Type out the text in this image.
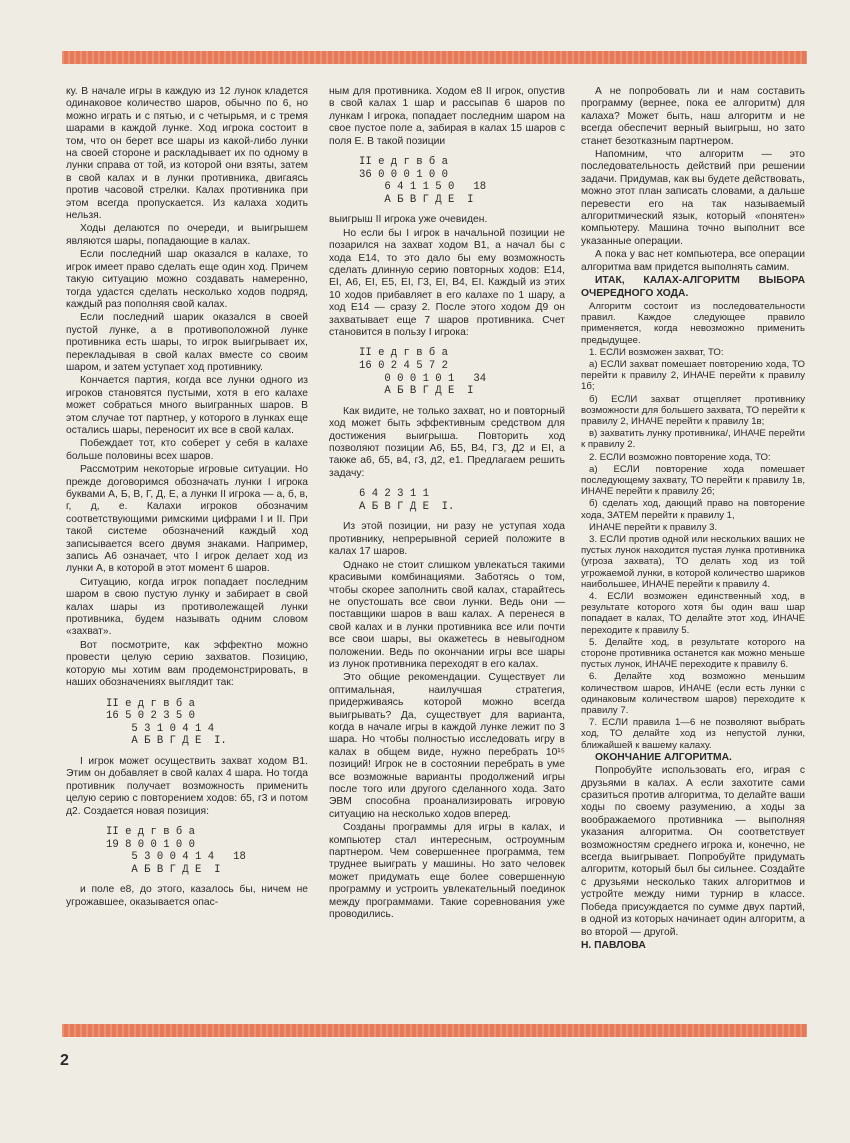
ку. В начале игры в каждую из 12 лунок кладется одинаковое количество шаров, обычно по 6, но можно играть и с пятью, и с четырьмя, и с тремя шарами в каждой лунке. Ход игрока состоит в том, что он берет все шары из какой-либо лунки на своей стороне и раскладывает их по одному в лунки справа от той, из которой они взяты, затем в свой калах и в лунки противника, двигаясь против часовой стрелки. Калах противника при этом всегда пропускается. Из калаха ходить нельзя.

Ходы делаются по очереди, и выигрышем являются шары, попадающие в калах.

Если последний шар оказался в калахе, то игрок имеет право сделать еще один ход. Причем такую ситуацию можно создавать намеренно, тогда удастся сделать несколько ходов подряд, каждый раз пополняя свой калах.

Если последний шарик оказался в своей пустой лунке, а в противоположной лунке противника есть шары, то игрок выигрывает их, перекладывая в свой калах вместе со своим шаром, и затем уступает ход противнику.

Кончается партия, когда все лунки одного из игроков становятся пустыми, хотя в его калахе может собраться много выигранных шаров. В этом случае тот партнер, у которого в лунках еще остались шары, переносит их все в свой калах.

Побеждает тот, кто соберет у себя в калахе больше половины всех шаров.

Рассмотрим некоторые игровые ситуации. Но прежде договоримся обозначать лунки I игрока буквами А, Б, В, Г, Д, Е, а лунки II игрока — а, б, в, г, д, е. Калахи игроков обозначим соответствующими римскими цифрами I и II. При такой системе обозначений каждый ход записывается всего двумя знаками. Например, запись А6 означает, что I игрок делает ход из лунки А, в которой в этот момент 6 шаров.

Ситуацию, когда игрок попадает последним шаром в свою пустую лунку и забирает в свой калах шары из противолежащей лунки противника, будем называть одним словом «захват».

Вот посмотрите, как эффектно можно провести целую серию захватов. Позицию, которую мы хотим вам продемонстрировать, в наших обозначениях выглядит так:

II е д г в б а
16 5 0 2 3 5 0
5 3 1 0 4 1 4
А Б В Г Д Е  I.

I игрок может осуществить захват ходом В1. Этим он добавляет в свой калах 4 шара. Но тогда противник получает возможность применить целую серию с повторением ходов: б5, г3 и потом д2. Создается новая позиция:

II е д г в б а
19 8 0 0 1 0 0
5 3 0 0 4 1 4   18
А Б В Г Д Е  I

и поле е8, до этого, казалось бы, ничем не угрожавшее, оказывается опас-

ным для противника. Ходом е8 II игрок, опустив в свой калах 1 шар и рассыпав 6 шаров по лункам I игрока, попадает последним шаром на свое пустое поле а, забирая в калах 15 шаров с поля Е. В такой позиции

II е д г в б а
36 0 0 0 1 0 0
6 4 1 1 5 0   18
А Б В Г Д Е  I

выигрыш II игрока уже очевиден.

Но если бы I игрок в начальной позиции не позарился на захват ходом В1, а начал бы с хода Е14, то это дало бы ему возможность сделать длинную серию повторных ходов: Е14, ЕI, А6, ЕI, Е5, ЕI, Г3, ЕI, В4, ЕI. Каждый из этих 10 ходов прибавляет в его калахе по 1 шару, а ход Е14 — сразу 2. После этого ходом Д9 он захватывает еще 7 шаров противника. Счет становится в пользу I игрока:

II е д г в б а
16 0 2 4 5 7 2
0 0 0 1 0 1   34
А Б В Г Д Е  I

Как видите, не только захват, но и повторный ход может быть эффективным средством для достижения выигрыша. Повторить ход позволяют позиции А6, Б5, В4, Г3, Д2 и ЕI, а также а6, б5, в4, г3, д2, е1. Предлагаем решить задачу:

6 4 2 3 1 1
А Б В Г Д Е  I.

Из этой позиции, ни разу не уступая хода противнику, непрерывной серией положите в калах 17 шаров.

Однако не стоит слишком увлекаться такими красивыми комбинациями. Заботясь о том, чтобы скорее заполнить свой калах, старайтесь не опустошать все свои лунки. Ведь они — поставщики шаров в ваш калах. А перенеся в свой калах и в лунки противника все или почти все свои шары, вы окажетесь в невыгодном положении. Ведь по окончании игры все шары из лунок противника переходят в его калах.

Это общие рекомендации. Существует ли оптимальная, наилучшая стратегия, придерживаясь которой можно всегда выигрывать? Да, существует для варианта, когда в начале игры в каждой лунке лежит по 3 шара. Но чтобы полностью исследовать игру в калах в общем виде, нужно перебрать 10¹⁵ позиций! Игрок не в состоянии перебрать в уме все возможные варианты продолжений игры после того или другого сделанного хода. Зато ЭВМ способна проанализировать игровую ситуацию на несколько ходов вперед.

Созданы программы для игры в калах, и компьютер стал интересным, остроумным партнером. Чем совершеннее программа, тем труднее выиграть у машины. Но зато человек может придумать еще более совершенную программу и устроить увлекательный поединок между программами. Такие соревнования уже проводились.

А не попробовать ли и нам составить программу (вернее, пока ее алгоритм) для калаха? Может быть, наш алгоритм и не всегда обеспечит верный выигрыш, но зато станет безотказным партнером.

Напомним, что алгоритм — это последовательность действий при решении задачи. Придумав, как вы будете действовать, можно этот план записать словами, а дальше перевести его на так называемый алгоритмический язык, который «понятен» компьютеру. Машина точно выполнит все указанные операции.

А пока у вас нет компьютера, все операции алгоритма вам придется выполнять самим.

ИТАК, КАЛАХ-АЛГОРИТМ ВЫБОРА ОЧЕРЕДНОГО ХОДА.

Алгоритм состоит из последовательности правил. Каждое следующее правило применяется, когда невозможно применить предыдущее.

1. ЕСЛИ возможен захват, ТО:

а) ЕСЛИ захват помешает повторению хода, ТО перейти к правилу 2, ИНАЧЕ перейти к правилу 1б;

б) ЕСЛИ захват отщепляет противнику возможности для большего захвата, ТО перейти к правилу 2, ИНАЧЕ перейти к правилу 1в;

в) захватить лунку противника/, ИНАЧЕ перейти к правилу 2.

2. ЕСЛИ возможно повторение хода, ТО:

а) ЕСЛИ повторение хода помешает последующему захвату, ТО перейти к правилу 1в, ИНАЧЕ перейти к правилу 2б;

б) сделать ход, дающий право на повторение хода, ЗАТЕМ перейти к правилу 1,

ИНАЧЕ перейти к правилу 3.

3. ЕСЛИ против одной или нескольких ваших не пустых лунок находится пустая лунка противника (угроза захвата), ТО делать ход из той угрожаемой лунки, в которой количество шариков наибольшее, ИНАЧЕ перейти к правилу 4.

4. ЕСЛИ возможен единственный ход, в результате которого хотя бы один ваш шар попадает в калах, ТО делайте этот ход, ИНАЧЕ переходите к правилу 5.

5. Делайте ход, в результате которого на стороне противника останется как можно меньше пустых лунок, ИНАЧЕ переходите к правилу 6.

6. Делайте ход возможно меньшим количеством шаров, ИНАЧЕ (если есть лунки с одинаковым количеством шаров) переходите к правилу 7.

7. ЕСЛИ правила 1—6 не позволяют выбрать ход, ТО делайте ход из непустой лунки, ближайшей к вашему калаху.

ОКОНЧАНИЕ АЛГОРИТМА.

Попробуйте использовать его, играя с друзьями в калах. А если захотите сами сразиться против алгоритма, то делайте ваши ходы по своему разумению, а ходы за воображаемого противника — выполняя указания алгоритма. Он соответствует возможностям среднего игрока и, конечно, не всегда выигрывает. Попробуйте придумать алгоритм, который был бы сильнее. Создайте с друзьями несколько таких алгоритмов и устройте между ними турнир в классе. Победа присуждается по сумме двух партий, в одной из которых начинает один алгоритм, а во второй — другой.

Н. ПАВЛОВА

2
